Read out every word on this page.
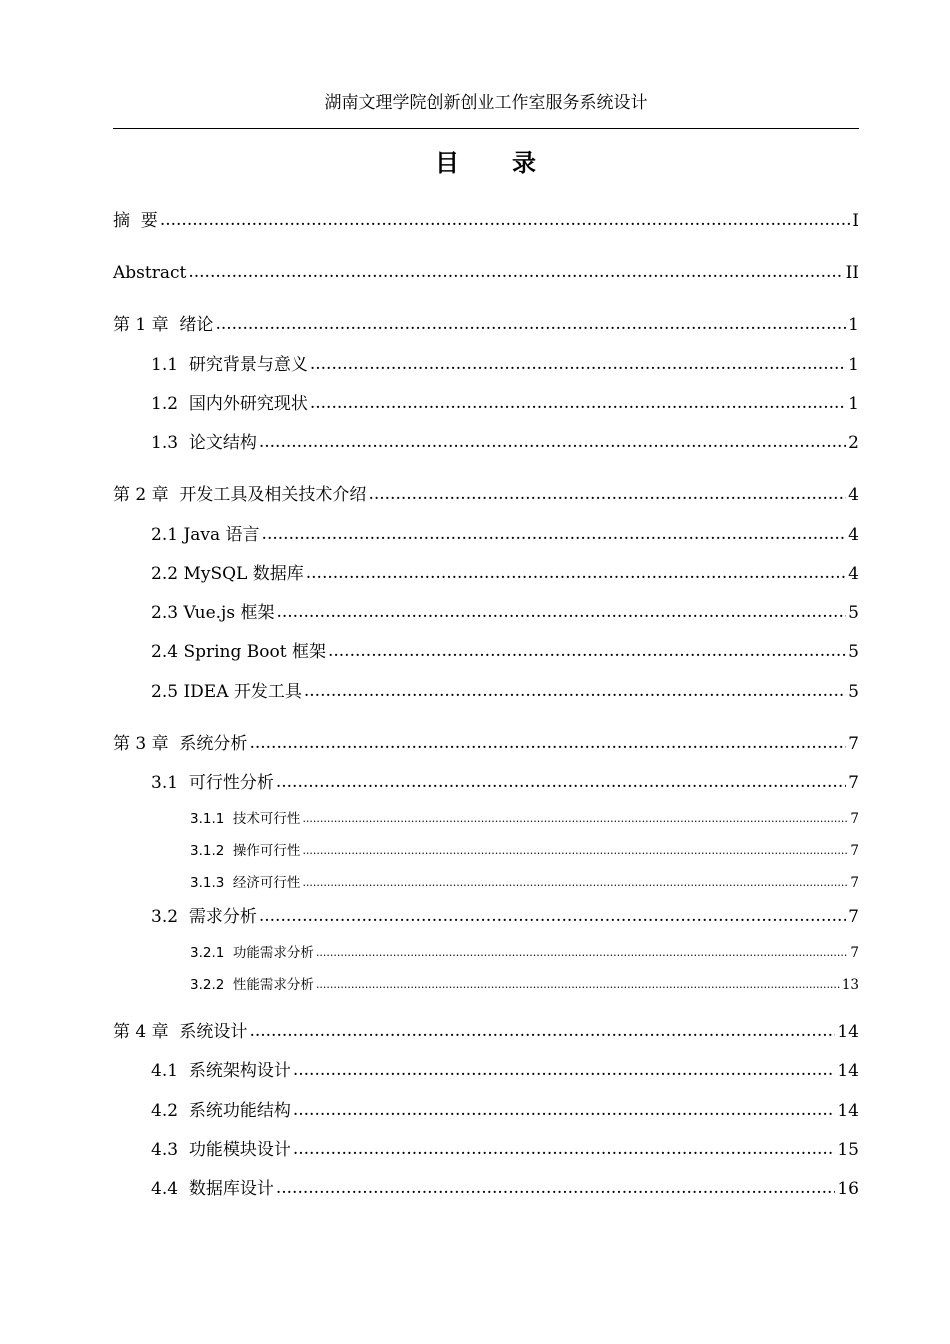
湖南文理学院创新创业工作室服务系统设计
目 录
摘  要 .....	I
Abstract .....	II
第 1 章  绪论 .....	1
1.1  研究背景与意义 .....	1
1.2  国内外研究现状 .....	1
1.3  论文结构 .....	2
第 2 章  开发工具及相关技术介绍 .....	4
2.1 Java 语言 .....	4
2.2 MySQL 数据库 .....	4
2.3 Vue.js 框架 .....	5
2.4 Spring Boot 框架 .....	5
2.5 IDEA 开发工具 .....	5
第 3 章  系统分析 .....	7
3.1  可行性分析 .....	7
3.1.1  技术可行性 .....	7
3.1.2  操作可行性 .....	7
3.1.3  经济可行性 .....	7
3.2  需求分析 .....	7
3.2.1  功能需求分析 .....	7
3.2.2  性能需求分析 .....	13
第 4 章  系统设计 .....	14
4.1  系统架构设计 .....	14
4.2  系统功能结构 .....	14
4.3  功能模块设计 .....	15
4.4  数据库设计 .....	16
